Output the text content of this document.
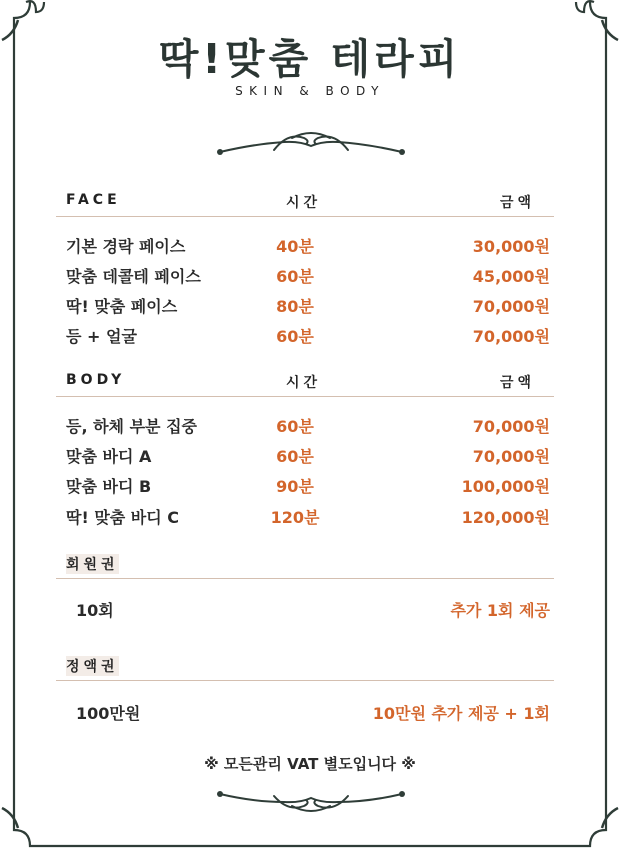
딱!맞춤 테라피
SKIN & BODY
FACE	시간	금액
기본 경락 페이스	40분	30,000원
맞춤 데콜테 페이스	60분	45,000원
딱! 맞춤 페이스	80분	70,000원
등 + 얼굴	60분	70,000원
BODY	시간	금액
등, 하체 부분 집중	60분	70,000원
맞춤 바디 A	60분	70,000원
맞춤 바디 B	90분	100,000원
딱! 맞춤 바디 C	120분	120,000원
회원권
10회	추가 1회 제공
정액권
100만원	10만원 추가 제공 + 1회
※ 모든관리 VAT 별도입니다 ※
